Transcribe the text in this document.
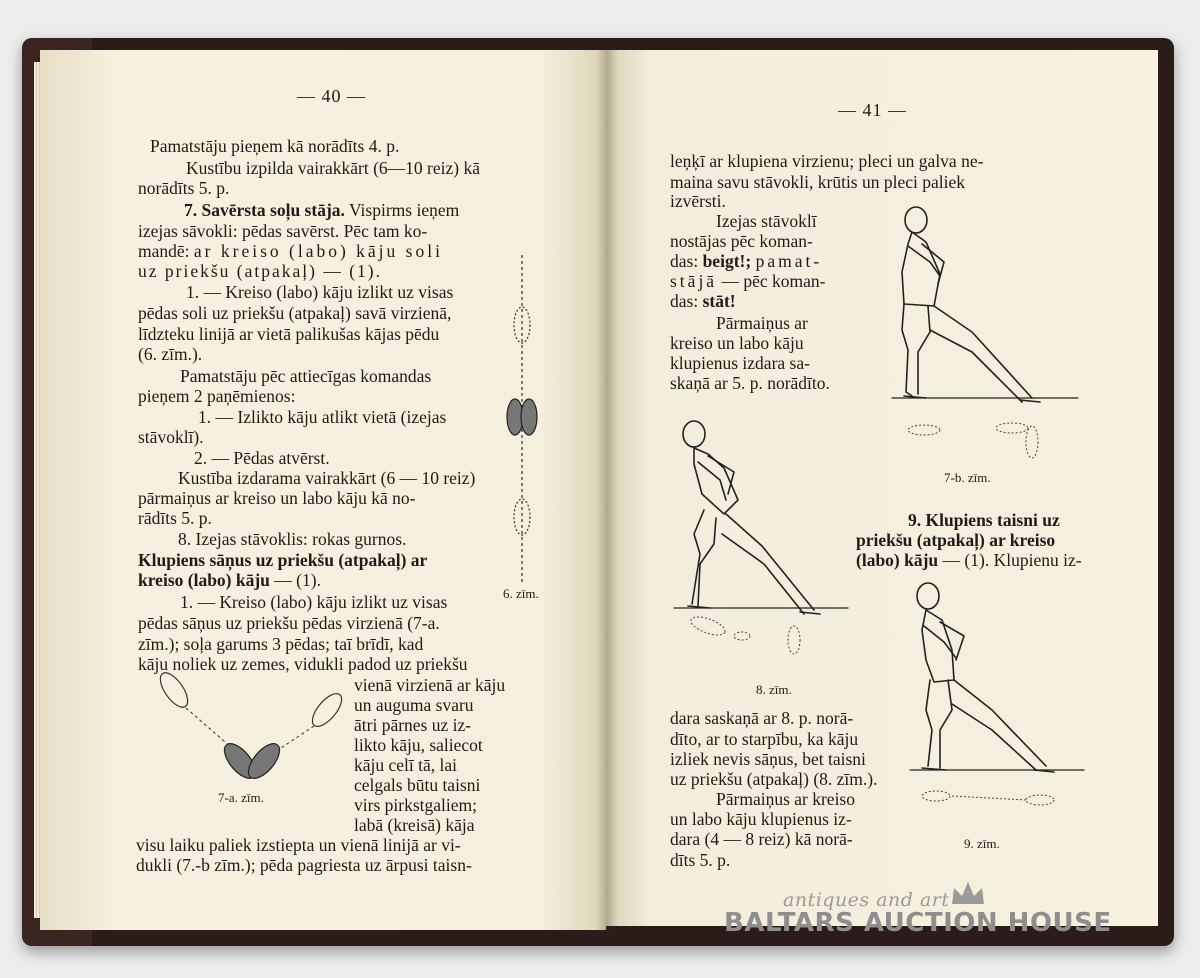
— 40 —
Pamatstāju pieņem kā norādīts 4. p.
Kustību izpilda vairakkārt (6—10 reiz) kā
norādīts 5. p.
7. Savērsta soļu stāja. Vispirms ieņem
izejas sāvokli: pēdas savērst. Pēc tam ko-
mandē: ar kreiso (labo) kāju soli
uz priekšu (atpakaļ) — (1).
1. — Kreiso (labo) kāju izlikt uz visas
pēdas soli uz priekšu (atpakaļ) savā virzienā,
līdzteku linijā ar vietā palikušas kājas pēdu
(6. zīm.).
Pamatstāju pēc attiecīgas komandas
pieņem 2 paņēmienos:
1. — Izlikto kāju atlikt vietā (izejas
stāvoklī).
2. — Pēdas atvērst.
Kustība izdarama vairakkārt (6 — 10 reiz)
pārmaiņus ar kreiso un labo kāju kā no-
rādīts 5. p.
8. Izejas stāvoklis: rokas gurnos.
Klupiens sāņus uz priekšu (atpakaļ) ar
kreiso (labo) kāju — (1).
1. — Kreiso (labo) kāju izlikt uz visas
pēdas sāņus uz priekšu pēdas virzienā (7-a.
zīm.); soļa garums 3 pēdas; taī brīdī, kad
kāju noliek uz zemes, vidukli padod uz priekšu
vienā virzienā ar kāju
un auguma svaru
ātri pārnes uz iz-
likto kāju, saliecot
kāju celī tā, lai
celgals būtu taisni
virs pirkstgaliem;
labā (kreisā) kāja
visu laiku paliek izstiepta un vienā linijā ar vi-
dukli (7.-b zīm.); pēda pagriesta uz ārpusi taisn-
6. zīm.
7-a. zīm.
— 41 —
leņķī ar klupiena virzienu; pleci un galva ne-
maina savu stāvokli, krūtis un pleci paliek
izvērsti.
Izejas stāvoklī
nostājas pēc koman-
das: beigt!; pamat-
stājā — pēc koman-
das: stāt!
Pārmaiņus ar
kreiso un labo kāju
klupienus izdara sa-
skaņā ar 5. p. norādīto.
9. Klupiens taisni uz
priekšu (atpakaļ) ar kreiso
(labo) kāju — (1). Klupienu iz-
dara saskaņā ar 8. p. norā-
dīto, ar to starpību, ka kāju
izliek nevis sāņus, bet taisni
uz priekšu (atpakaļ) (8. zīm.).
Pārmaiņus ar kreiso
un labo kāju klupienus iz-
dara (4 — 8 reiz) kā norā-
dīts 5. p.
7-b. zīm.
8. zīm.
9. zīm.
antiques and art
BALTARS AUCTION HOUSE
